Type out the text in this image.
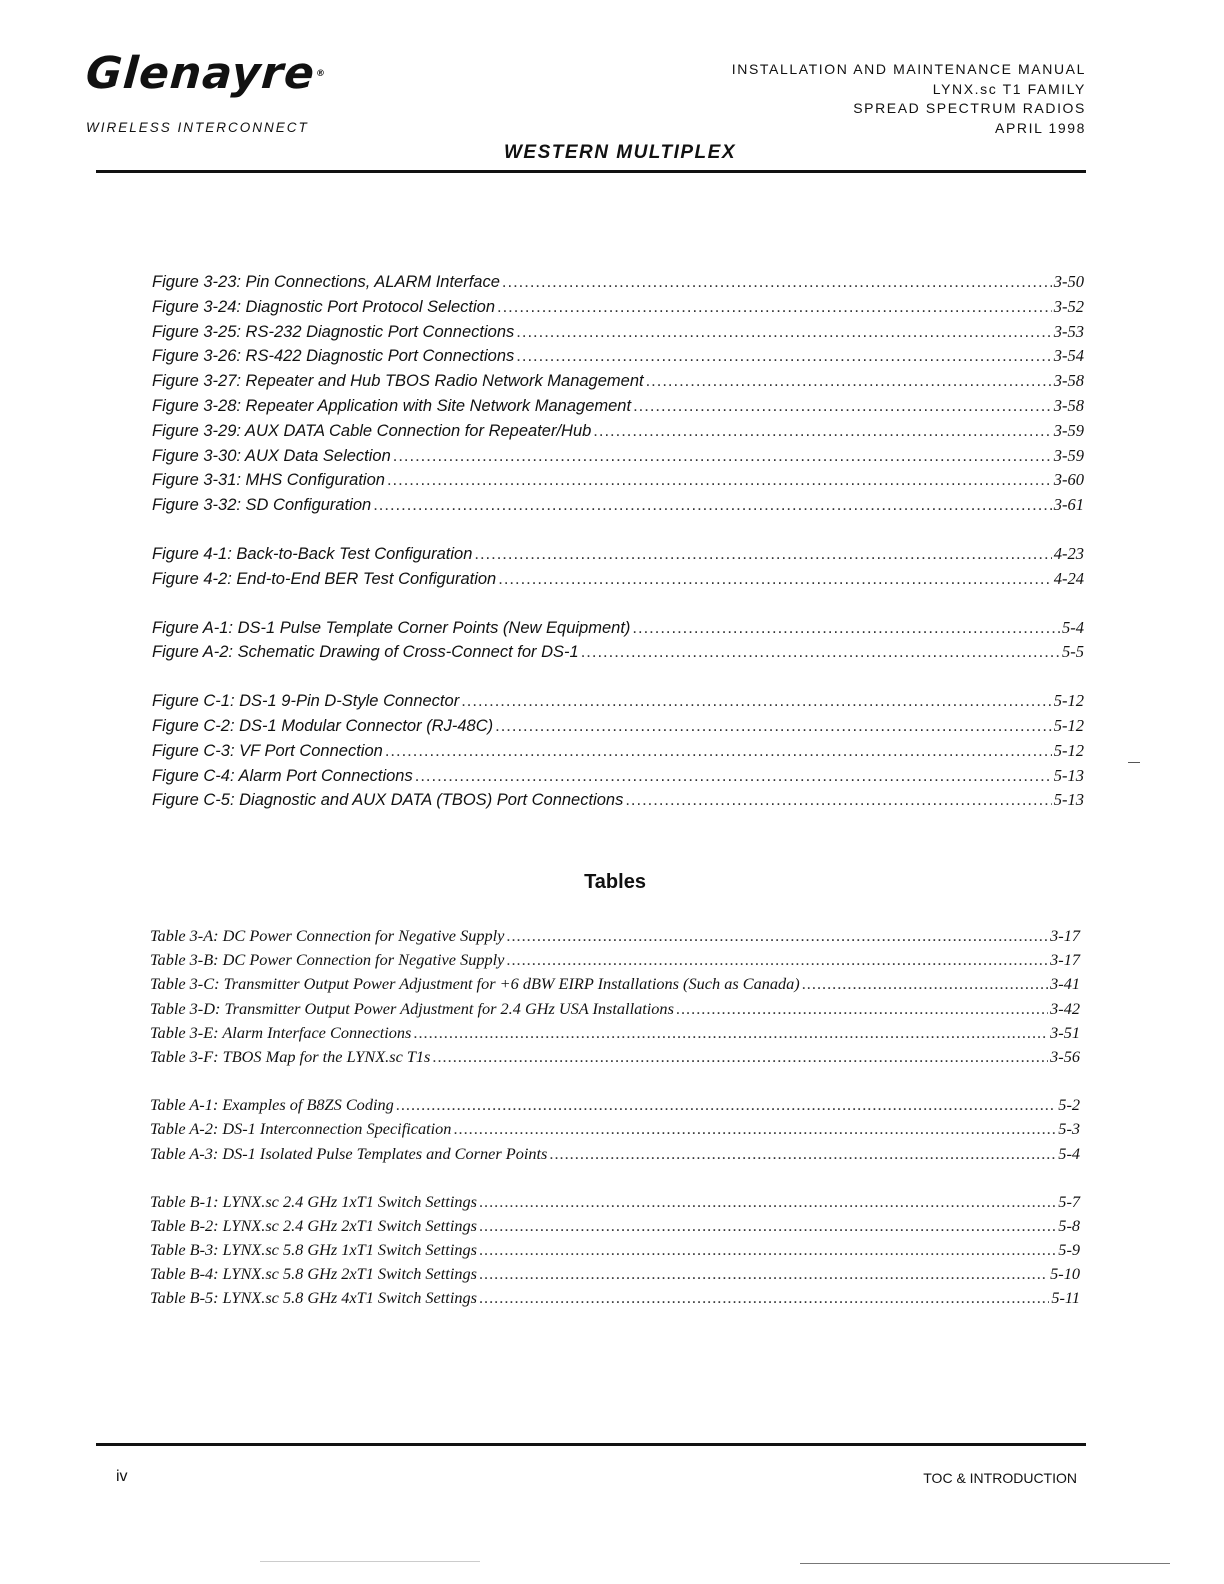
Glenayre®
WIRELESS INTERCONNECT
INSTALLATION AND MAINTENANCE MANUAL
LYNX.sc T1 FAMILY
SPREAD SPECTRUM RADIOS
APRIL 1998
WESTERN MULTIPLEX
Figure 3-23: Pin Connections, ALARM Interface .....	3-50
Figure 3-24: Diagnostic Port Protocol Selection .....	3-52
Figure 3-25: RS-232 Diagnostic Port Connections .....	3-53
Figure 3-26: RS-422 Diagnostic Port Connections .....	3-54
Figure 3-27: Repeater and Hub TBOS Radio Network Management .....	3-58
Figure 3-28: Repeater Application with Site Network Management .....	3-58
Figure 3-29: AUX DATA Cable Connection for Repeater/Hub .....	3-59
Figure 3-30: AUX Data Selection .....	3-59
Figure 3-31: MHS Configuration .....	3-60
Figure 3-32: SD Configuration .....	3-61
Figure 4-1: Back-to-Back Test Configuration .....	4-23
Figure 4-2: End-to-End BER Test Configuration .....	4-24
Figure A-1: DS-1 Pulse Template Corner Points (New Equipment) .....	5-4
Figure A-2: Schematic Drawing of Cross-Connect for DS-1 .....	5-5
Figure C-1: DS-1 9-Pin D-Style Connector .....	5-12
Figure C-2: DS-1 Modular Connector (RJ-48C) .....	5-12
Figure C-3: VF Port Connection .....	5-12
Figure C-4: Alarm Port Connections .....	5-13
Figure C-5: Diagnostic and AUX DATA (TBOS) Port Connections .....	5-13
Tables
Table 3-A: DC Power Connection for Negative Supply .....	3-17
Table 3-B: DC Power Connection for Negative Supply .....	3-17
Table 3-C: Transmitter Output Power Adjustment for +6 dBW EIRP Installations (Such as Canada) .....	3-41
Table 3-D: Transmitter Output Power Adjustment for 2.4 GHz USA Installations .....	3-42
Table 3-E: Alarm Interface Connections .....	3-51
Table 3-F: TBOS Map for the LYNX.sc T1s .....	3-56
Table A-1: Examples of B8ZS Coding .....	5-2
Table A-2: DS-1 Interconnection Specification .....	5-3
Table A-3: DS-1 Isolated Pulse Templates and Corner Points .....	5-4
Table B-1: LYNX.sc 2.4 GHz 1xT1 Switch Settings .....	5-7
Table B-2: LYNX.sc 2.4 GHz 2xT1 Switch Settings .....	5-8
Table B-3: LYNX.sc 5.8 GHz 1xT1 Switch Settings .....	5-9
Table B-4: LYNX.sc 5.8 GHz 2xT1 Switch Settings .....	5-10
Table B-5: LYNX.sc 5.8 GHz 4xT1 Switch Settings .....	5-11
iv	TOC & INTRODUCTION
